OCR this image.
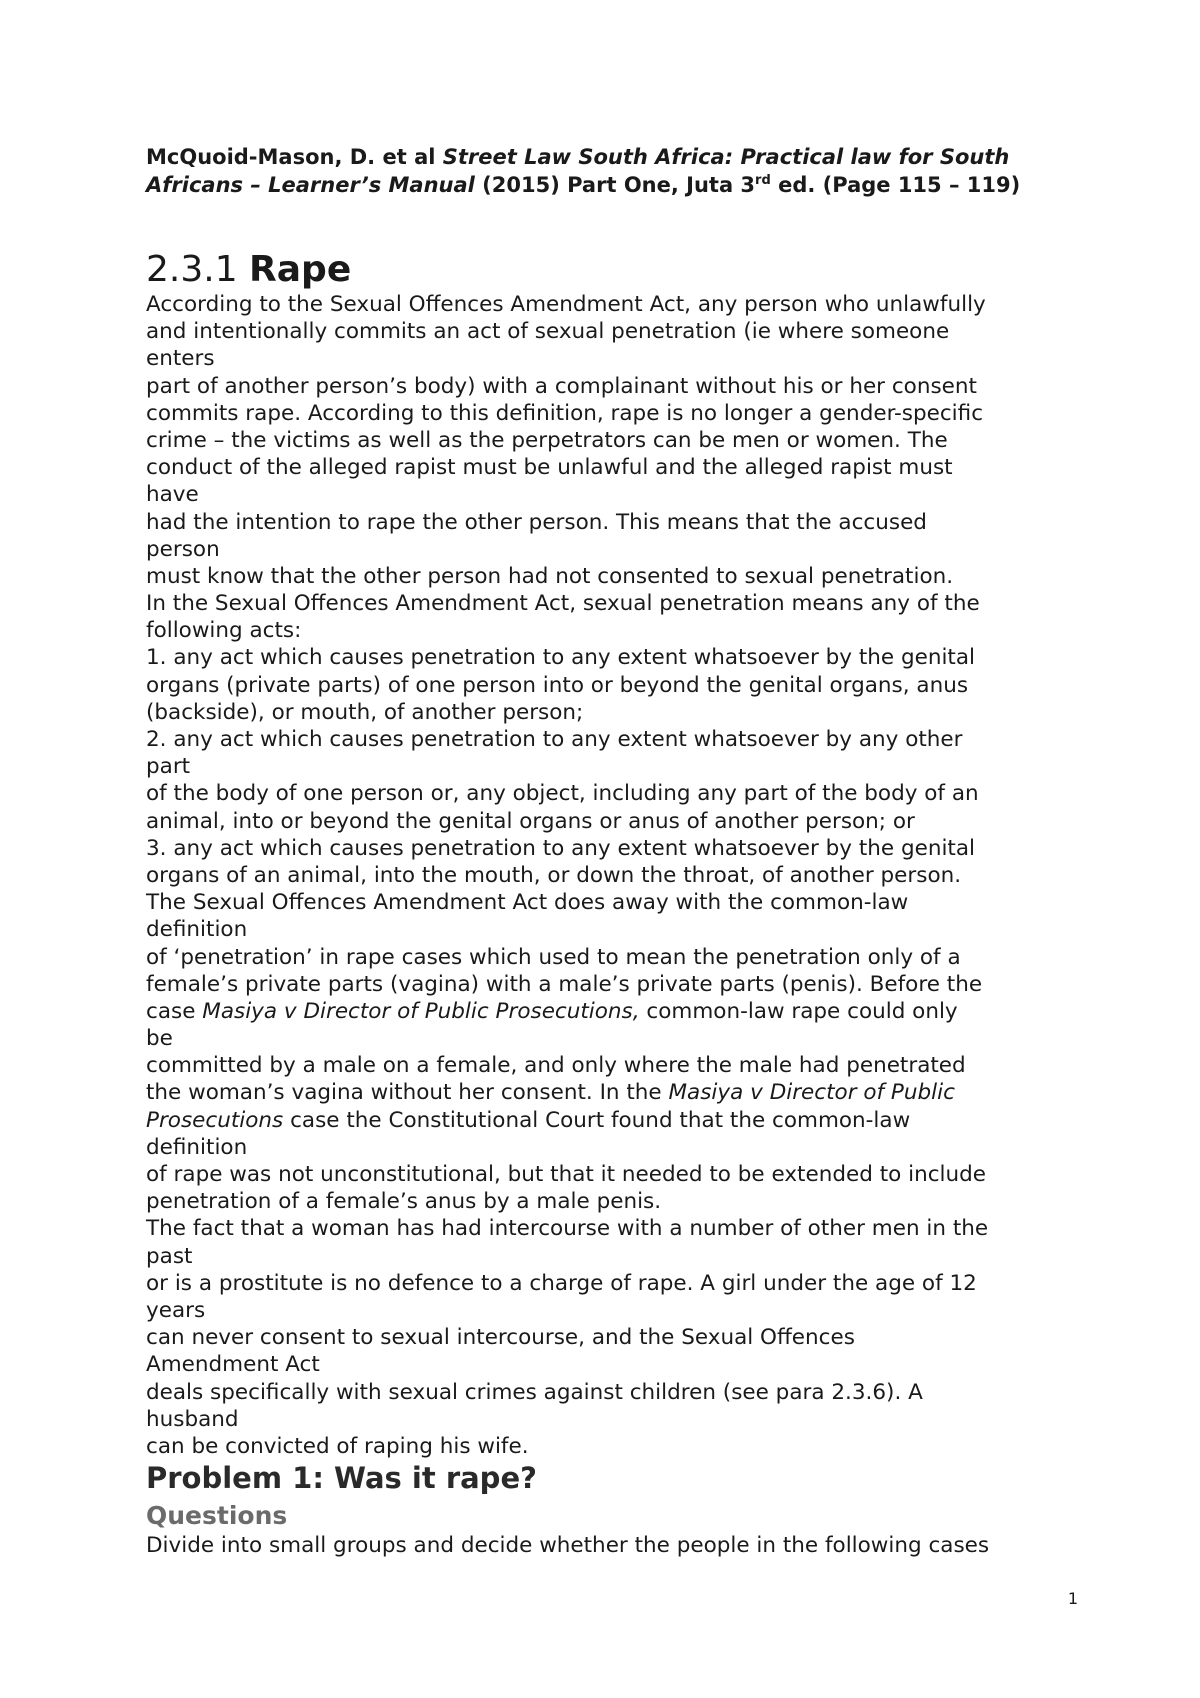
McQuoid-Mason, D. et al Street Law South Africa: Practical law for South Africans – Learner’s Manual (2015) Part One, Juta 3rd ed. (Page 115 – 119)
2.3.1 Rape
According to the Sexual Offences Amendment Act, any person who unlawfully
and intentionally commits an act of sexual penetration (ie where someone
enters
part of another person’s body) with a complainant without his or her consent
commits rape. According to this definition, rape is no longer a gender-specific
crime – the victims as well as the perpetrators can be men or women. The
conduct of the alleged rapist must be unlawful and the alleged rapist must
have
had the intention to rape the other person. This means that the accused
person
must know that the other person had not consented to sexual penetration.
In the Sexual Offences Amendment Act, sexual penetration means any of the
following acts:
1. any act which causes penetration to any extent whatsoever by the genital
organs (private parts) of one person into or beyond the genital organs, anus
(backside), or mouth, of another person;
2. any act which causes penetration to any extent whatsoever by any other
part
of the body of one person or, any object, including any part of the body of an
animal, into or beyond the genital organs or anus of another person; or
3. any act which causes penetration to any extent whatsoever by the genital
organs of an animal, into the mouth, or down the throat, of another person.
The Sexual Offences Amendment Act does away with the common-law
definition
of ‘penetration’ in rape cases which used to mean the penetration only of a
female’s private parts (vagina) with a male’s private parts (penis). Before the
case Masiya v Director of Public Prosecutions, common-law rape could only
be
committed by a male on a female, and only where the male had penetrated
the woman’s vagina without her consent. In the Masiya v Director of Public
Prosecutions case the Constitutional Court found that the common-law
definition
of rape was not unconstitutional, but that it needed to be extended to include
penetration of a female’s anus by a male penis.
The fact that a woman has had intercourse with a number of other men in the
past
or is a prostitute is no defence to a charge of rape. A girl under the age of 12
years
can never consent to sexual intercourse, and the Sexual Offences
Amendment Act
deals specifically with sexual crimes against children (see para 2.3.6). A
husband
can be convicted of raping his wife.
Problem 1: Was it rape?
Questions
Divide into small groups and decide whether the people in the following cases
1
